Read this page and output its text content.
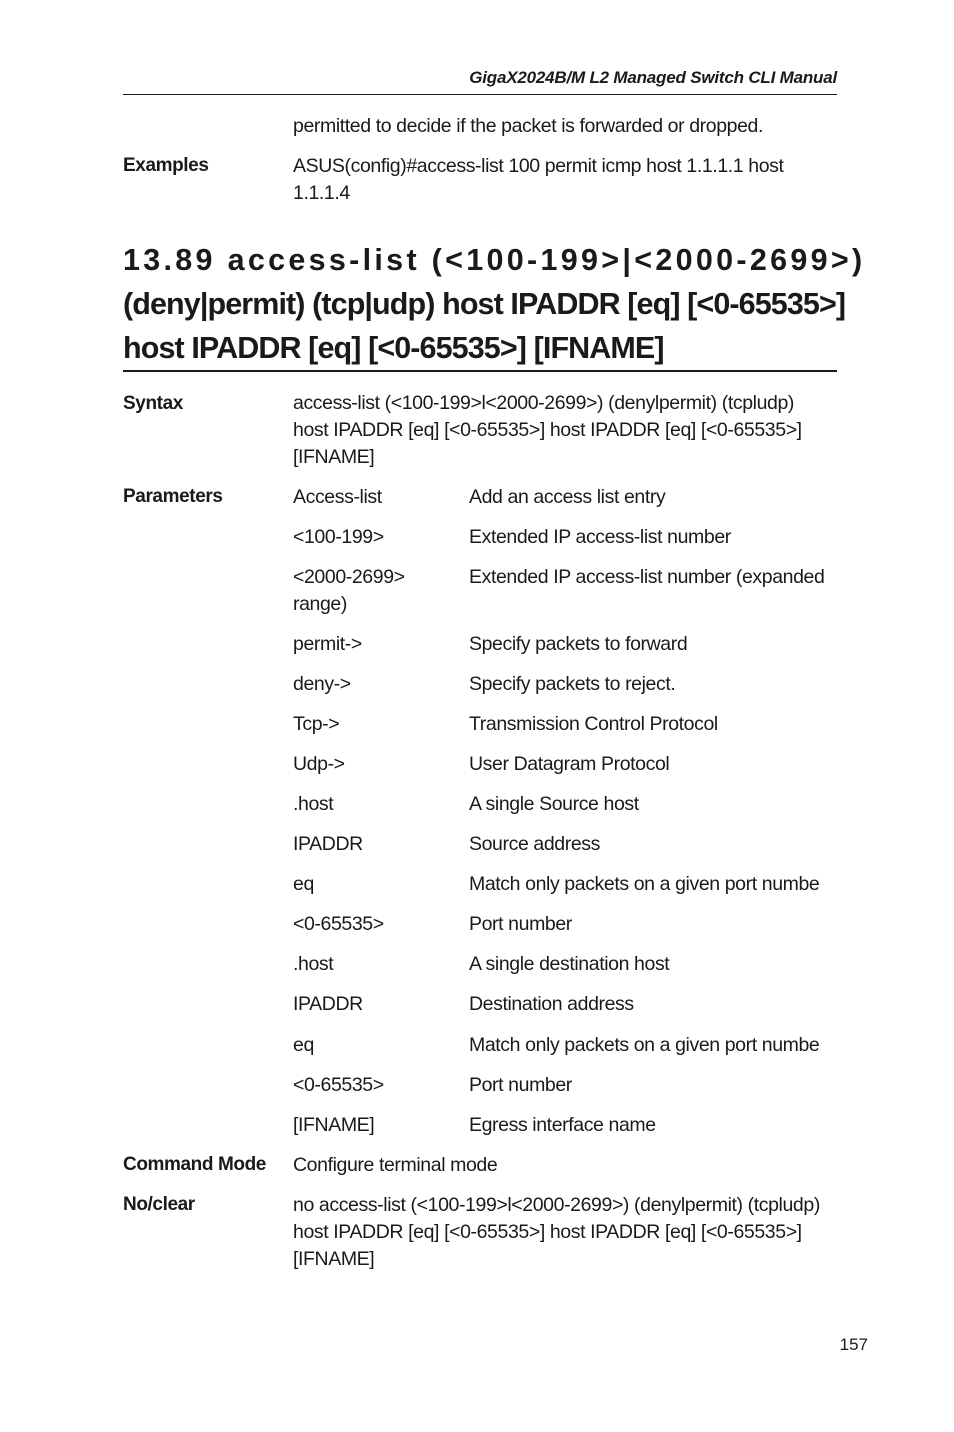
GigaX2024B/M L2 Managed Switch CLI Manual
permitted to decide if the packet is forwarded or dropped.
Examples	ASUS(config)#access-list 100 permit icmp host 1.1.1.1 host
1.1.1.4
13.89 access-list (<100-199>|<2000-2699>)
(deny|permit) (tcp|udp) host IPADDR [eq] [<0-65535>]
host IPADDR [eq] [<0-65535>] [IFNAME]
Syntax	access-list (<100-199>l<2000-2699>) (denylpermit) (tcpludp)
host IPADDR [eq] [<0-65535>] host IPADDR [eq] [<0-65535>]
[IFNAME]
Parameters	Access-list	Add an access list entry
<100-199>	Extended IP access-list number
<2000-2699>	Extended IP access-list number (expanded
range)
permit->	Specify packets to forward
deny->	Specify packets to reject.
Tcp->	Transmission Control Protocol
Udp->	User Datagram Protocol
.host	A single Source host
IPADDR	Source address
eq	Match only packets on a given port numbe
<0-65535>	Port number
.host	A single destination host
IPADDR	Destination address
eq	Match only packets on a given port numbe
<0-65535>	Port number
[IFNAME]	Egress interface name
Command Mode Configure terminal mode
No/clear	no access-list (<100-199>l<2000-2699>) (denylpermit) (tcpludp)
host IPADDR [eq] [<0-65535>] host IPADDR [eq] [<0-65535>]
[IFNAME]
157
